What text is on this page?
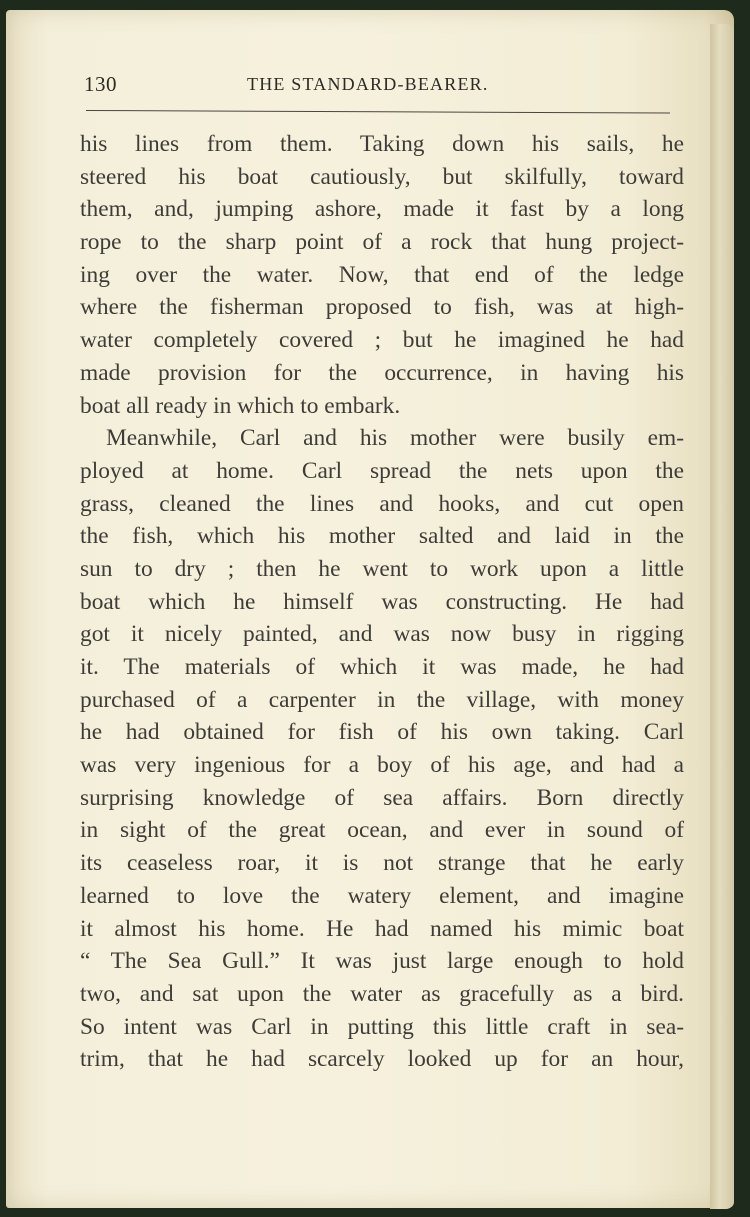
130	THE STANDARD-BEARER.
his lines from them. Taking down his sails, he
steered his boat cautiously, but skilfully, toward
them, and, jumping ashore, made it fast by a long
rope to the sharp point of a rock that hung project-
ing over the water. Now, that end of the ledge
where the fisherman proposed to fish, was at high-
water completely covered ; but he imagined he had
made provision for the occurrence, in having his
boat all ready in which to embark.
Meanwhile, Carl and his mother were busily em-
ployed at home. Carl spread the nets upon the
grass, cleaned the lines and hooks, and cut open
the fish, which his mother salted and laid in the
sun to dry ; then he went to work upon a little
boat which he himself was constructing. He had
got it nicely painted, and was now busy in rigging
it. The materials of which it was made, he had
purchased of a carpenter in the village, with money
he had obtained for fish of his own taking. Carl
was very ingenious for a boy of his age, and had a
surprising knowledge of sea affairs. Born directly
in sight of the great ocean, and ever in sound of
its ceaseless roar, it is not strange that he early
learned to love the watery element, and imagine
it almost his home. He had named his mimic boat
“ The Sea Gull.” It was just large enough to hold
two, and sat upon the water as gracefully as a bird.
So intent was Carl in putting this little craft in sea-
trim, that he had scarcely looked up for an hour,
